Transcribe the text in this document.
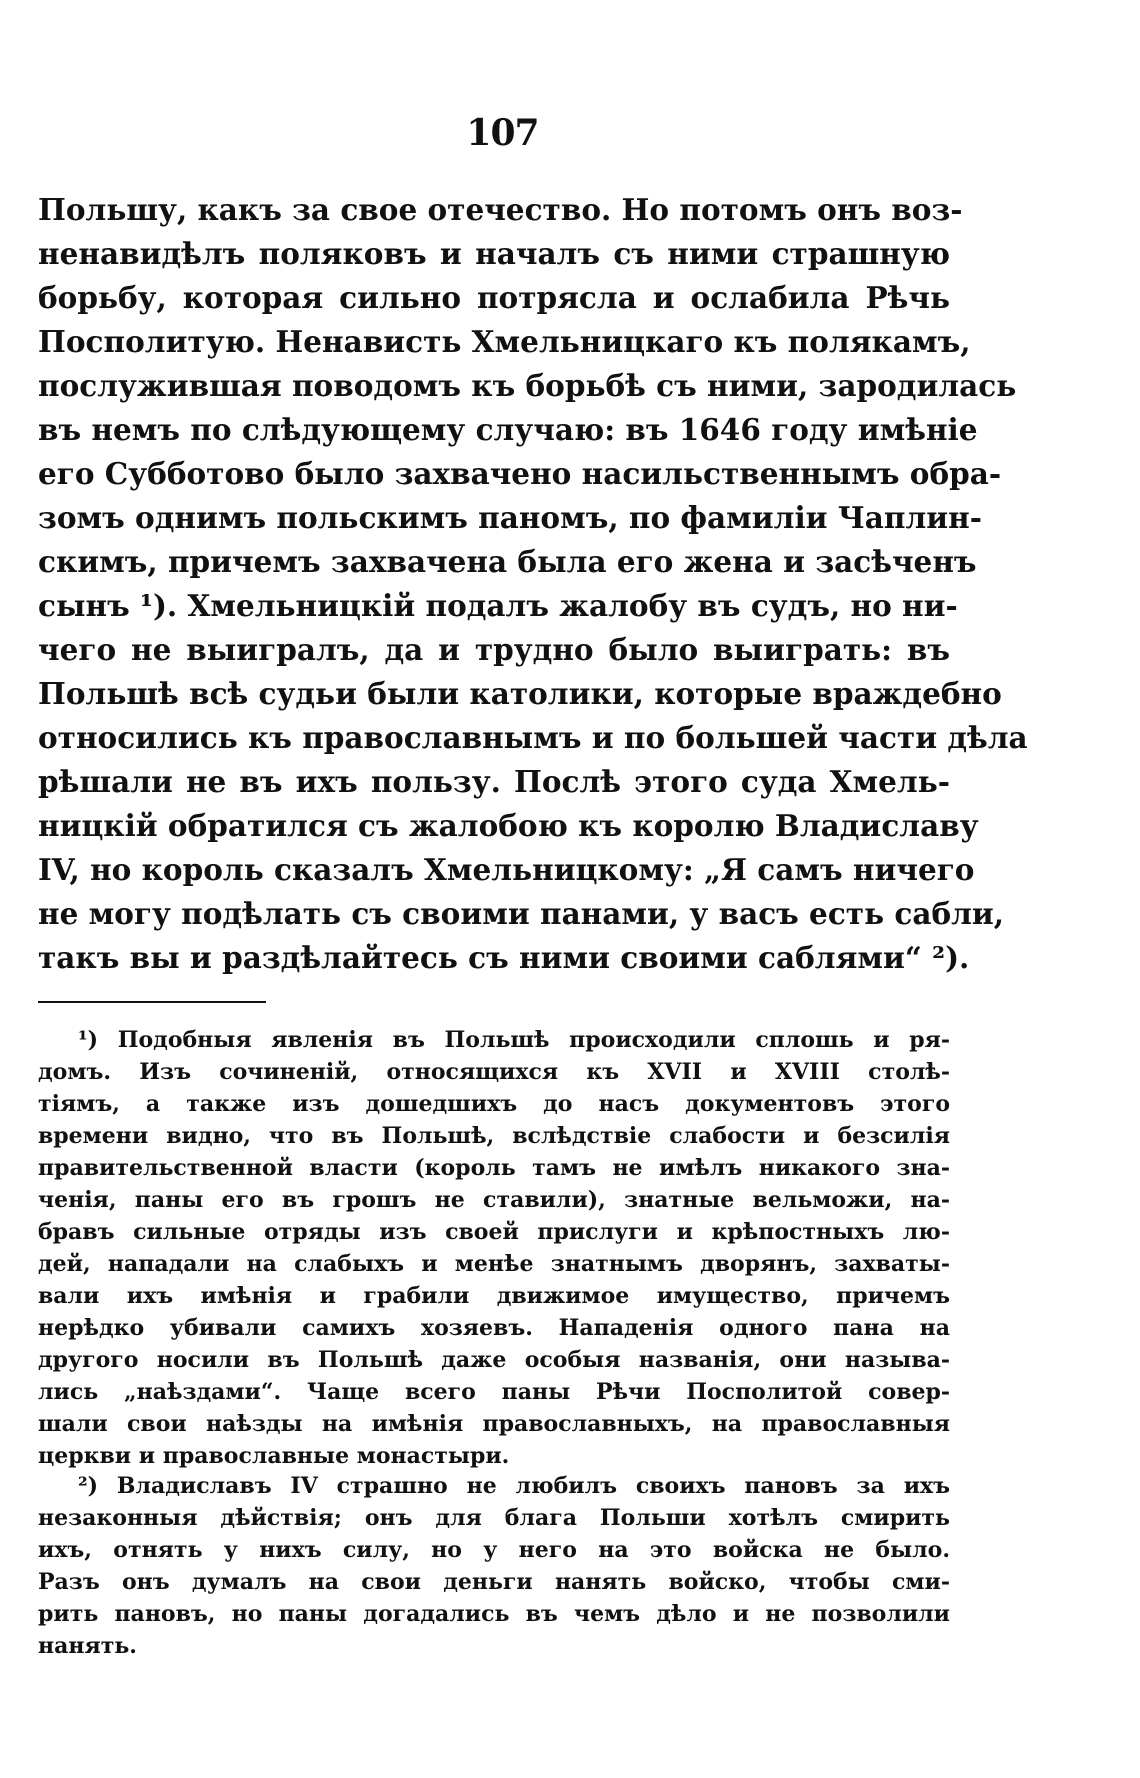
107
Польшу, какъ за свое отечество. Но потомъ онъ воз-
ненавидѣлъ поляковъ и началъ съ ними страшную
борьбу, которая сильно потрясла и ослабила Рѣчь
Посполитую. Ненависть Хмельницкаго къ полякамъ,
послужившая поводомъ къ борьбѣ съ ними, зародилась
въ немъ по слѣдующему случаю: въ 1646 году имѣніе
его Субботово было захвачено насильственнымъ обра-
зомъ однимъ польскимъ паномъ, по фамиліи Чаплин-
скимъ, причемъ захвачена была его жена и засѣченъ
сынъ ¹). Хмельницкій подалъ жалобу въ судъ, но ни-
чего не выигралъ, да и трудно было выиграть: въ
Польшѣ всѣ судьи были католики, которые враждебно
относились къ православнымъ и по большей части дѣла
рѣшали не въ ихъ пользу. Послѣ этого суда Хмель-
ницкій обратился съ жалобою къ королю Владиславу
IV, но король сказалъ Хмельницкому: „Я самъ ничего
не могу подѣлать съ своими панами, у васъ есть сабли,
такъ вы и раздѣлайтесь съ ними своими саблями“ ²).
¹) Подобныя явленія въ Польшѣ происходили сплошь и ря-
домъ. Изъ сочиненій, относящихся къ XVII и XVIII столѣ-
тіямъ, а также изъ дошедшихъ до насъ документовъ этого
времени видно, что въ Польшѣ, вслѣдствіе слабости и безсилія
правительственной власти (король тамъ не имѣлъ никакого зна-
ченія, паны его въ грошъ не ставили), знатные вельможи, на-
бравъ сильные отряды изъ своей прислуги и крѣпостныхъ лю-
дей, нападали на слабыхъ и менѣе знатнымъ дворянъ, захваты-
вали ихъ имѣнія и грабили движимое имущество, причемъ
нерѣдко убивали самихъ хозяевъ. Нападенія одного пана на
другого носили въ Польшѣ даже особыя названія, они называ-
лись „наѣздами“. Чаще всего паны Рѣчи Посполитой совер-
шали свои наѣзды на имѣнія православныхъ, на православныя
церкви и православные монастыри.
²) Владиславъ IV страшно не любилъ своихъ пановъ за ихъ
незаконныя дѣйствія; онъ для блага Польши хотѣлъ смирить
ихъ, отнять у нихъ силу, но у него на это войска не было.
Разъ онъ думалъ на свои деньги нанять войско, чтобы сми-
рить пановъ, но паны догадались въ чемъ дѣло и не позволили
нанять.
